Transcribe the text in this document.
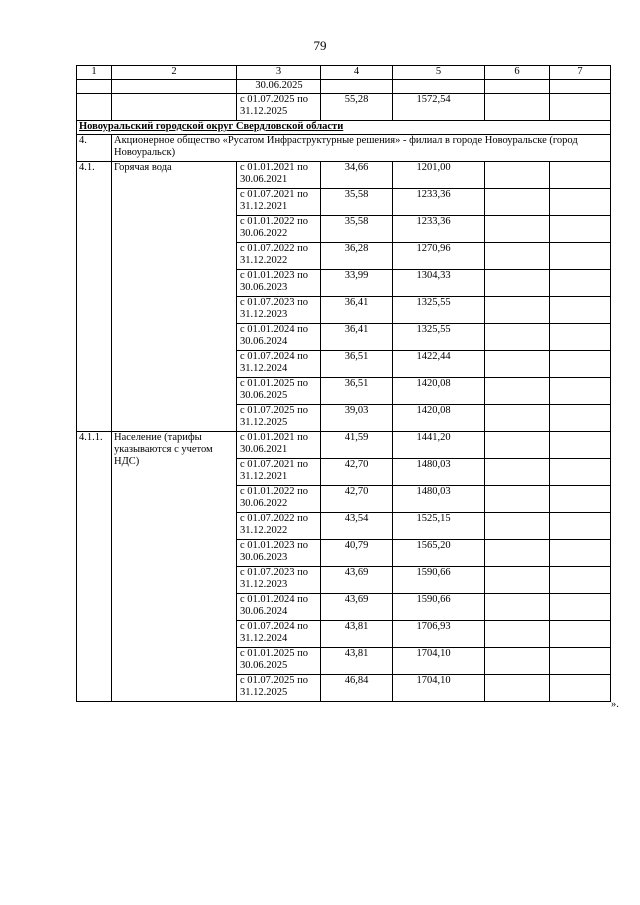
79
1	2	3	4	5	6	7
		30.06.2025				
		с 01.07.2025 по 31.12.2025	55,28	1572,54		
Новоуральский городской округ Свердловской области						
4.	Акционерное общество «Русатом Инфраструктурные решения» - филиал в городе Новоуральске (город Новоуральск)					
4.1.	Горячая вода	с 01.01.2021 по 30.06.2021	34,66	1201,00		
		с 01.07.2021 по 31.12.2021	35,58	1233,36		
		с 01.01.2022 по 30.06.2022	35,58	1233,36		
		с 01.07.2022 по 31.12.2022	36,28	1270,96		
		с 01.01.2023 по 30.06.2023	33,99	1304,33		
		с 01.07.2023 по 31.12.2023	36,41	1325,55		
		с 01.01.2024 по 30.06.2024	36,41	1325,55		
		с 01.07.2024 по 31.12.2024	36,51	1422,44		
		с 01.01.2025 по 30.06.2025	36,51	1420,08		
		с 01.07.2025 по 31.12.2025	39,03	1420,08		
4.1.1.	Население (тарифы указываются с учетом НДС)	с 01.01.2021 по 30.06.2021	41,59	1441,20		
		с 01.07.2021 по 31.12.2021	42,70	1480,03		
		с 01.01.2022 по 30.06.2022	42,70	1480,03		
		с 01.07.2022 по 31.12.2022	43,54	1525,15		
		с 01.01.2023 по 30.06.2023	40,79	1565,20		
		с 01.07.2023 по 31.12.2023	43,69	1590,66		
		с 01.01.2024 по 30.06.2024	43,69	1590,66		
		с 01.07.2024 по 31.12.2024	43,81	1706,93		
		с 01.01.2025 по 30.06.2025	43,81	1704,10		
		с 01.07.2025 по 31.12.2025	46,84	1704,10		
».
